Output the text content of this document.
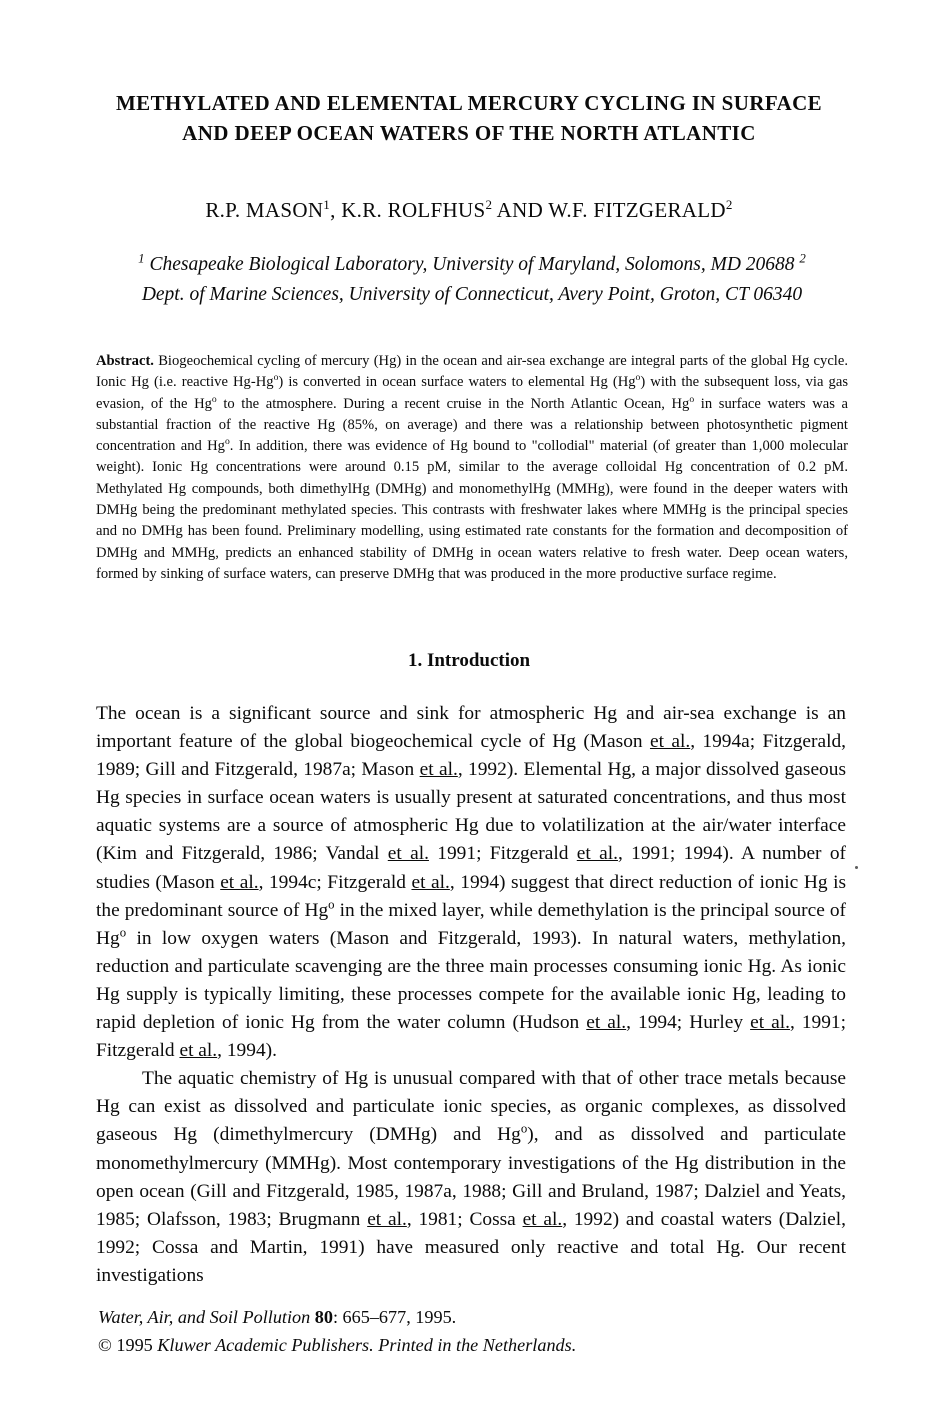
METHYLATED AND ELEMENTAL MERCURY CYCLING IN SURFACE
AND DEEP OCEAN WATERS OF THE NORTH ATLANTIC
R.P. MASON$^1$, K.R. ROLFHUS$^2$ AND W.F. FITZGERALD$^2$
$^1$ Chesapeake Biological Laboratory, University of Maryland, Solomons, MD 20688 $^2$
Dept. of Marine Sciences, University of Connecticut, Avery Point, Groton, CT 06340
Abstract. Biogeochemical cycling of mercury (Hg) in the ocean and air-sea exchange are integral parts of the global Hg cycle. Ionic Hg (i.e. reactive Hg-Hg$^o$) is converted in ocean surface waters to elemental Hg (Hg$^o$) with the subsequent loss, via gas evasion, of the Hg$^o$ to the atmosphere. During a recent cruise in the North Atlantic Ocean, Hg$^o$ in surface waters was a substantial fraction of the reactive Hg (85%, on average) and there was a relationship between photosynthetic pigment concentration and Hg$^o$. In addition, there was evidence of Hg bound to "collodial" material (of greater than 1,000 molecular weight). Ionic Hg concentrations were around 0.15 pM, similar to the average colloidal Hg concentration of 0.2 pM. Methylated Hg compounds, both dimethylHg (DMHg) and monomethylHg (MMHg), were found in the deeper waters with DMHg being the predominant methylated species. This contrasts with freshwater lakes where MMHg is the principal species and no DMHg has been found. Preliminary modelling, using estimated rate constants for the formation and decomposition of DMHg and MMHg, predicts an enhanced stability of DMHg in ocean waters relative to fresh water. Deep ocean waters, formed by sinking of surface waters, can preserve DMHg that was produced in the more productive surface regime.
1. Introduction

The ocean is a significant source and sink for atmospheric Hg and air-sea exchange is an important feature of the global biogeochemical cycle of Hg (Mason et al., 1994a; Fitzgerald, 1989; Gill and Fitzgerald, 1987a; Mason et al., 1992). Elemental Hg, a major dissolved gaseous Hg species in surface ocean waters is usually present at saturated concentrations, and thus most aquatic systems are a source of atmospheric Hg due to volatilization at the air/water interface (Kim and Fitzgerald, 1986; Vandal et al. 1991; Fitzgerald et al., 1991; 1994). A number of studies (Mason et al., 1994c; Fitzgerald et al., 1994) suggest that direct reduction of ionic Hg is the predominant source of Hg$^o$ in the mixed layer, while demethylation is the principal source of Hg$^o$ in low oxygen waters (Mason and Fitzgerald, 1993). In natural waters, methylation, reduction and particulate scavenging are the three main processes consuming ionic Hg. As ionic Hg supply is typically limiting, these processes compete for the available ionic Hg, leading to rapid depletion of ionic Hg from the water column (Hudson et al., 1994; Hurley et al., 1991; Fitzgerald et al., 1994).

The aquatic chemistry of Hg is unusual compared with that of other trace metals because Hg can exist as dissolved and particulate ionic species, as organic complexes, as dissolved gaseous Hg (dimethylmercury (DMHg) and Hg$^o$), and as dissolved and particulate monomethylmercury (MMHg). Most contemporary investigations of the Hg distribution in the open ocean (Gill and Fitzgerald, 1985, 1987a, 1988; Gill and Bruland, 1987; Dalziel and Yeats, 1985; Olafsson, 1983; Brugmann et al., 1981; Cossa et al., 1992) and coastal waters (Dalziel, 1992; Cossa and Martin, 1991) have measured only reactive and total Hg. Our recent investigations

Water, Air, and Soil Pollution 80: 665–677, 1995.
© 1995 Kluwer Academic Publishers. Printed in the Netherlands.
